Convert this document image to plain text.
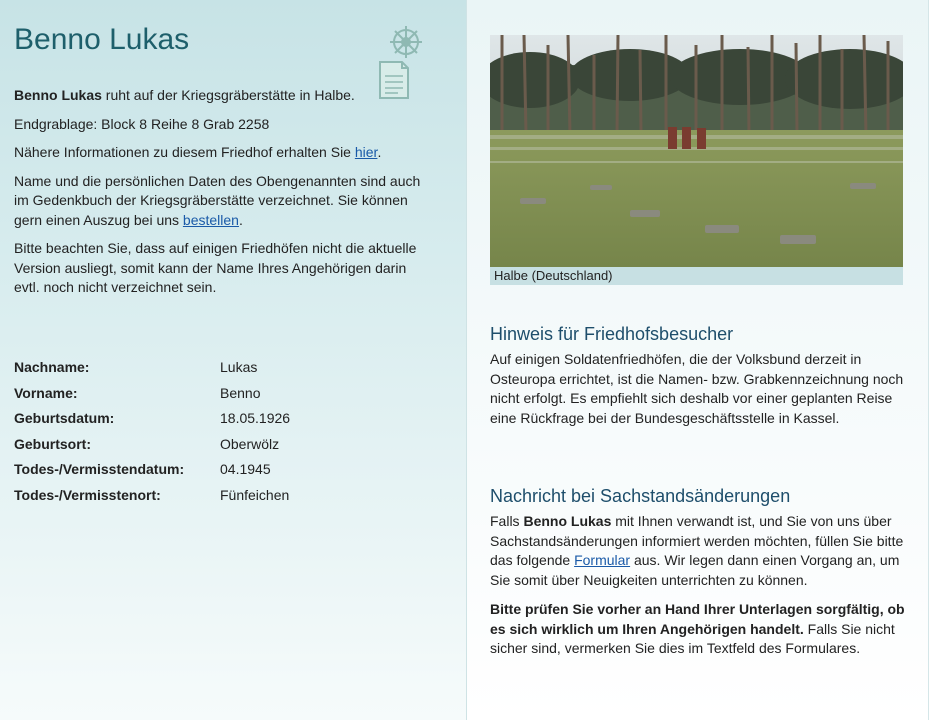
Benno Lukas

Benno Lukas ruht auf der Kriegsgräberstätte in Halbe.

Endgrablage: Block 8 Reihe 8 Grab 2258

Nähere Informationen zu diesem Friedhof erhalten Sie hier.

Name und die persönlichen Daten des Obengenannten sind auch im Gedenkbuch der Kriegsgräberstätte verzeichnet. Sie können gern einen Auszug bei uns bestellen.

Bitte beachten Sie, dass auf einigen Friedhöfen nicht die aktuelle Version ausliegt, somit kann der Name Ihres Angehörigen darin evtl. noch nicht verzeichnet sein.

Nachname:	Lukas
Vorname:	Benno
Geburtsdatum:	18.05.1926
Geburtsort:	Oberwölz
Todes-/Vermisstendatum:	04.1945
Todes-/Vermisstenort:	Fünfeichen
Halbe (Deutschland)
Hinweis für Friedhofsbesucher

Auf einigen Soldatenfriedhöfen, die der Volksbund derzeit in Osteuropa errichtet, ist die Namen- bzw. Grabkennzeichnung noch nicht erfolgt. Es empfiehlt sich deshalb vor einer geplanten Reise eine Rückfrage bei der Bundesgeschäftsstelle in Kassel.

Nachricht bei Sachstandsänderungen

Falls Benno Lukas mit Ihnen verwandt ist, und Sie von uns über Sachstandsänderungen informiert werden möchten, füllen Sie bitte das folgende Formular aus. Wir legen dann einen Vorgang an, um Sie somit über Neuigkeiten unterrichten zu können.

Bitte prüfen Sie vorher an Hand Ihrer Unterlagen sorgfältig, ob es sich wirklich um Ihren Angehörigen handelt. Falls Sie nicht sicher sind, vermerken Sie dies im Textfeld des Formulares.
